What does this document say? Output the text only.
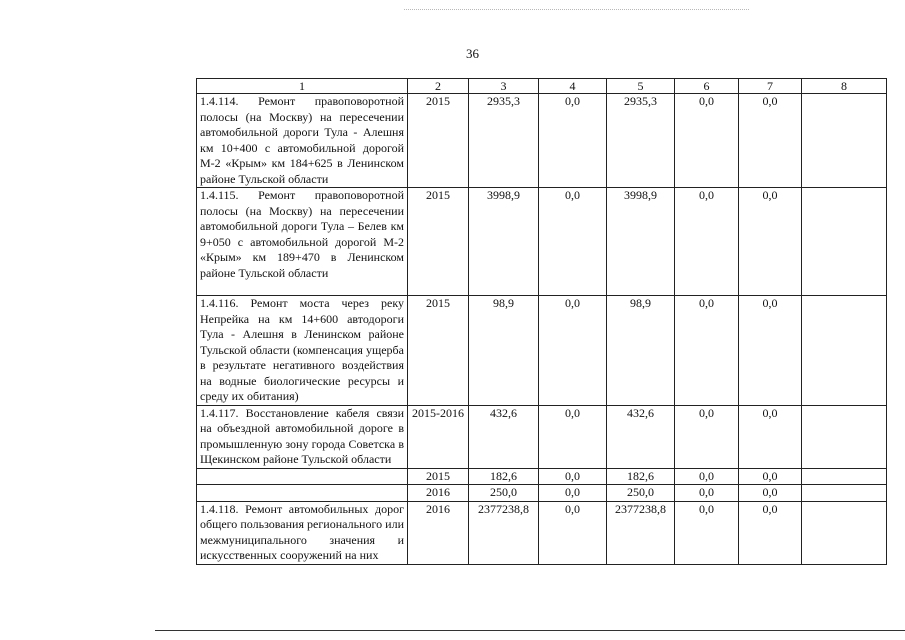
36
1	2	3	4	5	6	7	8
1.4.114. Ремонт правоповоротной полосы (на Москву) на пересечении автомобильной дороги Тула - Алешня км 10+400 с автомобильной дорогой М-2 «Крым» км 184+625 в Ленинском районе Тульской области	2015	2935,3	0,0	2935,3	0,0	0,0	
1.4.115. Ремонт правоповоротной полосы (на Москву) на пересечении автомобильной дороги Тула – Белев км 9+050 с автомобильной дорогой М-2 «Крым» км 189+470 в Ленинском районе Тульской области	2015	3998,9	0,0	3998,9	0,0	0,0	
1.4.116. Ремонт моста через реку Непрейка на км 14+600 автодороги Тула - Алешня в Ленинском районе Тульской области (компенсация ущерба в результате негативного воздействия на водные биологические ресурсы и среду их обитания)	2015	98,9	0,0	98,9	0,0	0,0	
1.4.117. Восстановление кабеля связи на объездной автомобильной дороге в промышленную зону города Советска в Щекинском районе Тульской области	2015-2016	432,6	0,0	432,6	0,0	0,0	
	2015	182,6	0,0	182,6	0,0	0,0	
	2016	250,0	0,0	250,0	0,0	0,0	
1.4.118. Ремонт автомобильных дорог общего пользования регионального или межмуниципального значения и искусственных сооружений на них	2016	2377238,8	0,0	2377238,8	0,0	0,0	
